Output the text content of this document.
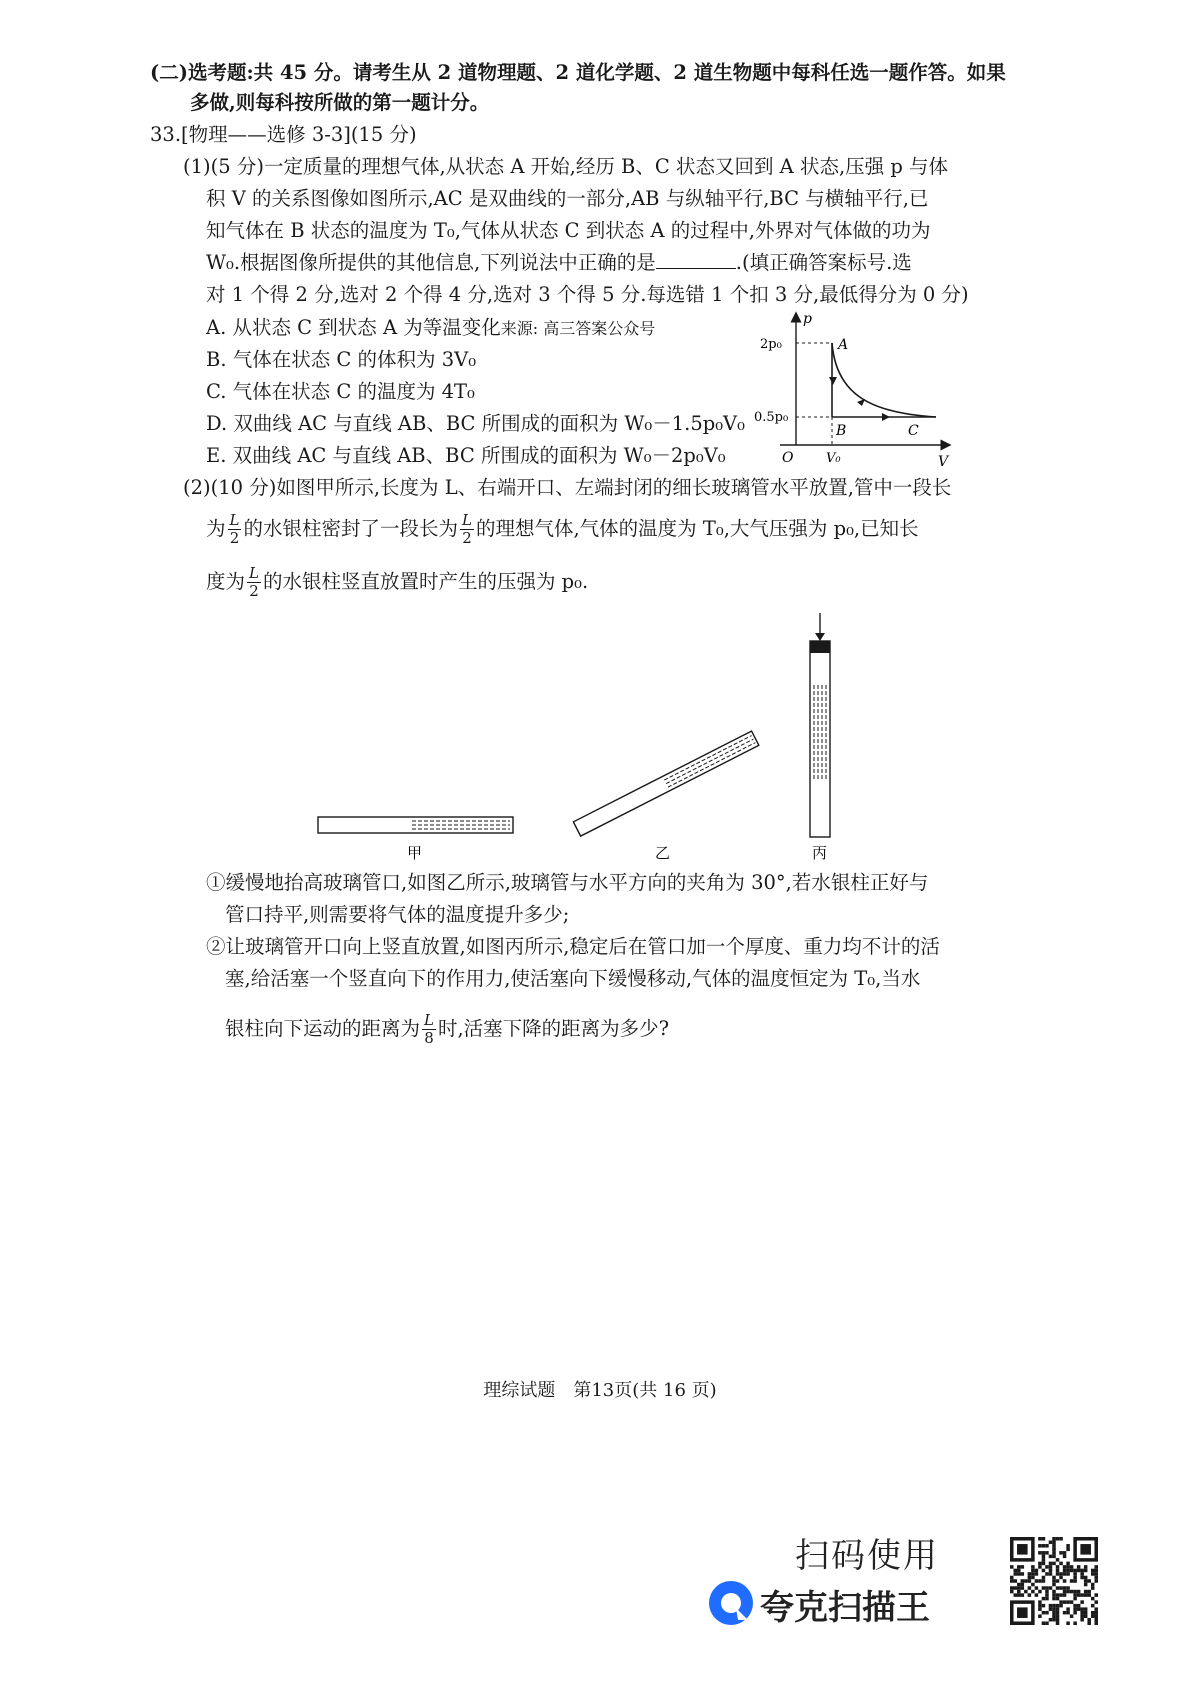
(二)选考题:共 45 分。请考生从 2 道物理题、2 道化学题、2 道生物题中每科任选一题作答。如果
多做,则每科按所做的第一题计分。
33.[物理——选修 3-3](15 分)
(1)(5 分)一定质量的理想气体,从状态 A 开始,经历 B、C 状态又回到 A 状态,压强 p 与体
积 V 的关系图像如图所示,AC 是双曲线的一部分,AB 与纵轴平行,BC 与横轴平行,已
知气体在 B 状态的温度为 T₀,气体从状态 C 到状态 A 的过程中,外界对气体做的功为
W₀.根据图像所提供的其他信息,下列说法中正确的是	.(填正确答案标号.选
对 1 个得 2 分,选对 2 个得 4 分,选对 3 个得 5 分.每选错 1 个扣 3 分,最低得分为 0 分)
A. 从状态 C 到状态 A 为等温变化来源: 高三答案公众号
B. 气体在状态 C 的体积为 3V₀
C. 气体在状态 C 的温度为 4T₀
D. 双曲线 AC 与直线 AB、BC 所围成的面积为 W₀－1.5p₀V₀
E. 双曲线 AC 与直线 AB、BC 所围成的面积为 W₀－2p₀V₀
p
V
O
2p₀
0.5p₀
V₀
A
B	C
(2)(10 分)如图甲所示,长度为 L、右端开口、左端封闭的细长玻璃管水平放置,管中一段长
为 $\frac{L}{2}$ 的水银柱密封了一段长为 $\frac{L}{2}$ 的理想气体,气体的温度为 T₀,大气压强为 p₀,已知长
度为 $\frac{L}{2}$ 的水银柱竖直放置时产生的压强为 p₀.
甲	乙	丙
①缓慢地抬高玻璃管口,如图乙所示,玻璃管与水平方向的夹角为 30°,若水银柱正好与
管口持平,则需要将气体的温度提升多少;
②让玻璃管开口向上竖直放置,如图丙所示,稳定后在管口加一个厚度、重力均不计的活
塞,给活塞一个竖直向下的作用力,使活塞向下缓慢移动,气体的温度恒定为 T₀,当水
银柱向下运动的距离为 $\frac{L}{8}$ 时,活塞下降的距离为多少?
理综试题　第13页(共 16 页)
扫码使用
夸克扫描王
